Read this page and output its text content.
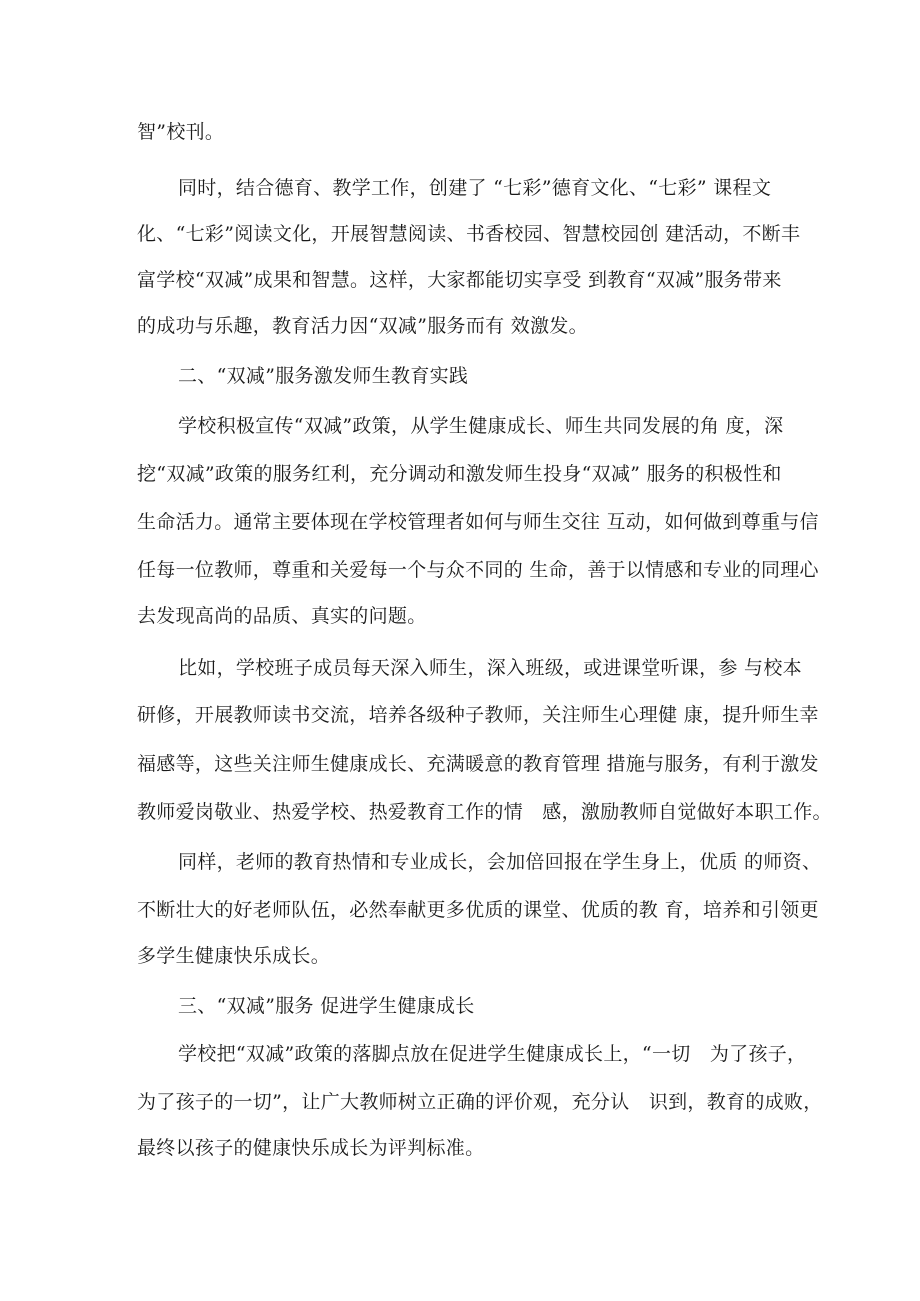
智”校刊。
同时，结合德育、教学工作，创建了 “七彩”德育文化、“七彩” 课程文
化、“七彩”阅读文化，开展智慧阅读、书香校园、智慧校园创 建活动，不断丰
富学校“双减”成果和智慧。这样，大家都能切实享受 到教育“双减”服务带来
的成功与乐趣，教育活力因“双减”服务而有 效激发。
二、“双减”服务激发师生教育实践
学校积极宣传“双减”政策，从学生健康成长、师生共同发展的角 度，深
挖“双减”政策的服务红利，充分调动和激发师生投身“双减” 服务的积极性和
生命活力。通常主要体现在学校管理者如何与师生交往 互动，如何做到尊重与信
任每一位教师，尊重和关爱每一个与众不同的 生命，善于以情感和专业的同理心
去发现高尚的品质、真实的问题。
比如，学校班子成员每天深入师生，深入班级，或进课堂听课，参 与校本
研修，开展教师读书交流，培养各级种子教师，关注师生心理健 康，提升师生幸
福感等，这些关注师生健康成长、充满暖意的教育管理 措施与服务，有利于激发
教师爱岗敬业、热爱学校、热爱教育工作的情　感，激励教师自觉做好本职工作。
同样，老师的教育热情和专业成长，会加倍回报在学生身上，优质 的师资、
不断壮大的好老师队伍，必然奉献更多优质的课堂、优质的教 育，培养和引领更
多学生健康快乐成长。
三、“双减”服务 促进学生健康成长
学校把“双减”政策的落脚点放在促进学生健康成长上，“一切　为了孩子，
为了孩子的一切”，让广大教师树立正确的评价观，充分认　识到，教育的成败，
最终以孩子的健康快乐成长为评判标准。
